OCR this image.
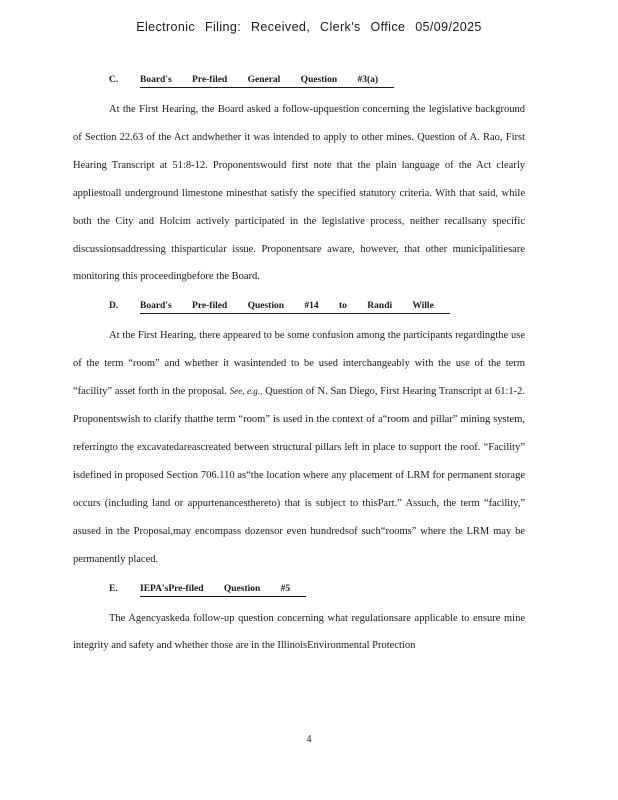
Electronic Filing: Received, Clerk's Office 05/09/2025
C. Board's Pre-filed General Question #3(a)

At the First Hearing, the Board asked a follow-upquestion concerning the legislative background of Section 22.63 of the Act andwhether it was intended to apply to other mines. Question of A. Rao, First Hearing Transcript at 51:8-12. Proponentswould first note that the plain language of the Act clearly appliestoall underground limestone minesthat satisfy the specified statutory criteria. With that said, while both the City and Holcim actively participated in the legislative process, neither recallsany specific discussionsaddressing thisparticular issue. Proponentsare aware, however, that other municipalitiesare monitoring this proceedingbefore the Board.

D. Board's Pre-filed Question #14 to Randi Wille

At the First Hearing, there appeared to be some confusion among the participants regardingthe use of the term “room” and whether it wasintended to be used interchangeably with the use of the term “facility” asset forth in the proposal. See, e.g., Question of N. San Diego, First Hearing Transcript at 61:1-2. Proponentswish to clarify thatthe term “room” is used in the context of a“room and pillar” mining system, referringto the excavatedareascreated between structural pillars left in place to support the roof. “Facility” isdefined in proposed Section 706.110 as“the location where any placement of LRM for permanent storage occurs (including land or appurtenancesthereto) that is subject to thisPart.” Assuch, the term “facility,” asused in the Proposal,may encompass dozensor even hundredsof such“rooms” where the LRM may be permanently placed.

E. IEPA'sPre-filed Question #5

The Agencyaskeda follow-up question concerning what regulationsare applicable to ensure mine integrity and safety and whether those are in the IllinoisEnvironmental Protection

4
